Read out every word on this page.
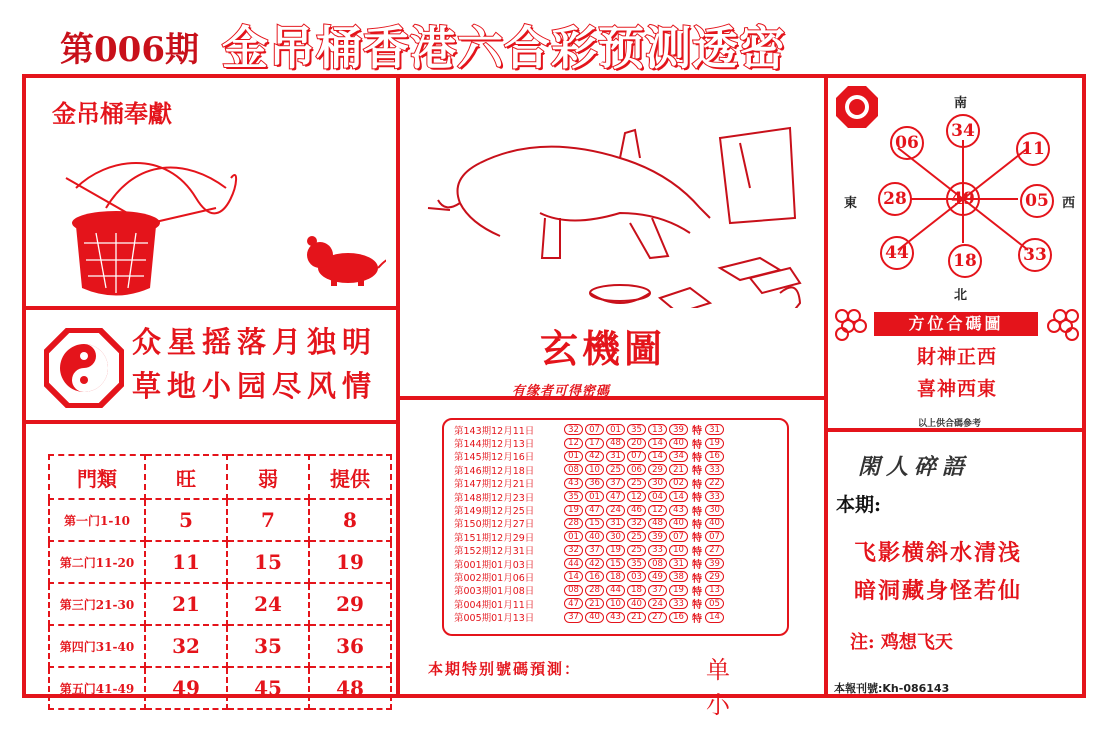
第006期 金吊桶香港六合彩预测透密
金吊桶奉獻
众星摇落月独明
草地小园尽风情
門類	旺	弱	提供
第一门1-10	5	7	8
第二门11-20	11	15	19
第三门21-30	21	24	29
第四门31-40	32	35	36
第五门41-49	49	45	48
玄機圖
有缘者可得密碼
第143期12月11日	32	07	01	35	13	39 特 31
第144期12月13日	12	17	48	20	14	40 特 19
第145期12月16日	01	42	31	07	14	34 特 16
第146期12月18日	08	10	25	06	29	21 特 33
第147期12月21日	43	36	37	25	30	02 特 22
第148期12月23日	35	01	47	12	04	14 特 33
第149期12月25日	19	47	24	46	12	43 特 30
第150期12月27日	28	15	31	32	48	40 特 40
第151期12月29日	01	40	30	25	39	07 特 07
第152期12月31日	32	37	19	25	33	10 特 27
第001期01月03日	44	42	15	35	08	31 特 39
第002期01月06日	14	16	18	03	49	38 特 29
第003期01月08日	08	28	44	18	37	19 特 13
第004期01月11日	47	21	10	40	24	33 特 05
第005期01月13日	37	40	43	21	27	16 特 14
本期特别號碼預測：	单小
南
北
東	西
34
06	11
28	49	05
44	18	33
方位合碼圖
財神正西
喜神西東
以上供合碼參考
閑人碎語
本期:
飞影横斜水清浅
暗洞藏身怪若仙
注: 鸡想飞天
本報刊號:Kh-086143
